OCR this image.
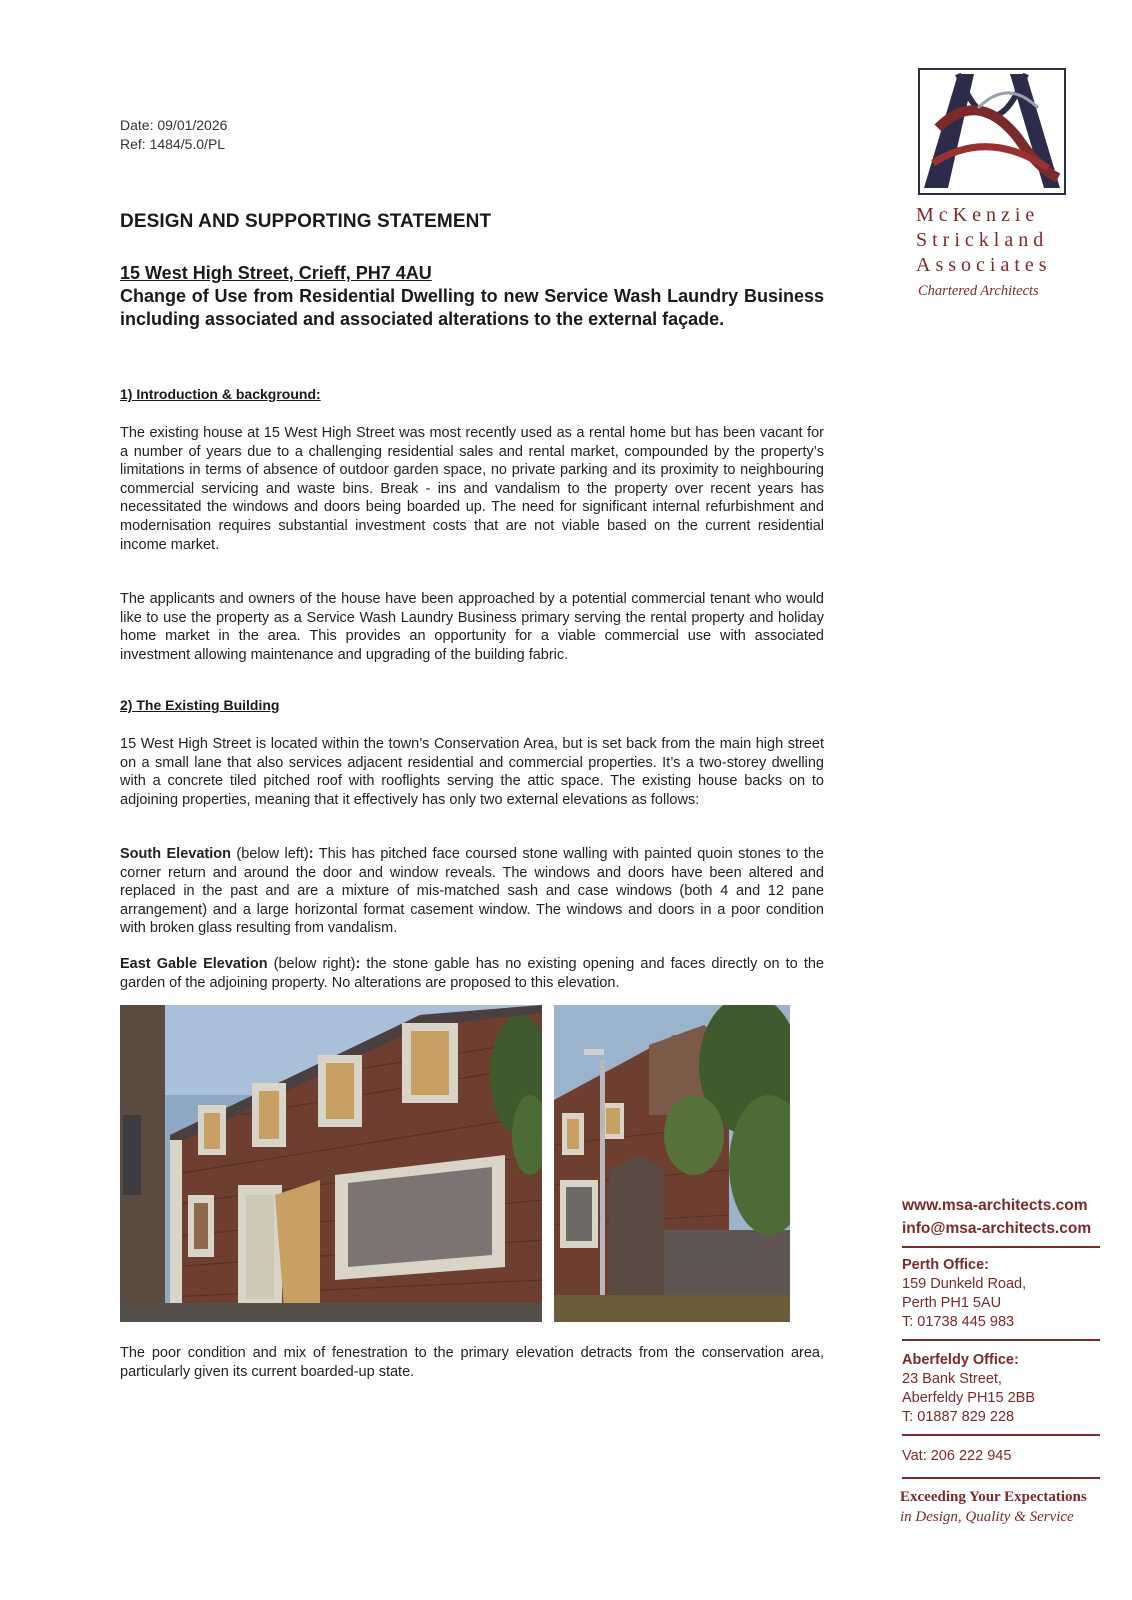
Date: 09/01/2026
Ref: 1484/5.0/PL
DESIGN AND SUPPORTING STATEMENT
15 West High Street, Crieff, PH7 4AU

Change of Use from Residential Dwelling to new Service Wash Laundry Business including associated and associated alterations to the external façade.

1) Introduction & background:

The existing house at 15 West High Street was most recently used as a rental home but has been vacant for a number of years due to a challenging residential sales and rental market, compounded by the property’s limitations in terms of absence of outdoor garden space, no private parking and its proximity to neighbouring commercial servicing and waste bins. Break - ins and vandalism to the property over recent years has necessitated the windows and doors being boarded up. The need for significant internal refurbishment and modernisation requires substantial investment costs that are not viable based on the current residential income market.

The applicants and owners of the house have been approached by a potential commercial tenant who would like to use the property as a Service Wash Laundry Business primary serving the rental property and holiday home market in the area. This provides an opportunity for a viable commercial use with associated investment allowing maintenance and upgrading of the building fabric.

2) The Existing Building

15 West High Street is located within the town’s Conservation Area, but is set back from the main high street on a small lane that also services adjacent residential and commercial properties. It’s a two-storey dwelling with a concrete tiled pitched roof with rooflights serving the attic space. The existing house backs on to adjoining properties, meaning that it effectively has only two external elevations as follows:

South Elevation (below left): This has pitched face coursed stone walling with painted quoin stones to the corner return and around the door and window reveals. The windows and doors have been altered and replaced in the past and are a mixture of mis-matched sash and case windows (both 4 and 12 pane arrangement) and a large horizontal format casement window. The windows and doors in a poor condition with broken glass resulting from vandalism.

East Gable Elevation (below right): the stone gable has no existing opening and faces directly on to the garden of the adjoining property. No alterations are proposed to this elevation.

The poor condition and mix of fenestration to the primary elevation detracts from the conservation area, particularly given its current boarded-up state.

McKenzie
Strickland
Associates
Chartered Architects
www.msa-architects.com
info@msa-architects.com
Perth Office:
159 Dunkeld Road,
Perth PH1 5AU
T: 01738 445 983
Aberfeldy Office:
23 Bank Street,
Aberfeldy PH15 2BB
T: 01887 829 228
Vat: 206 222 945
Exceeding Your Expectations
in Design, Quality & Service
